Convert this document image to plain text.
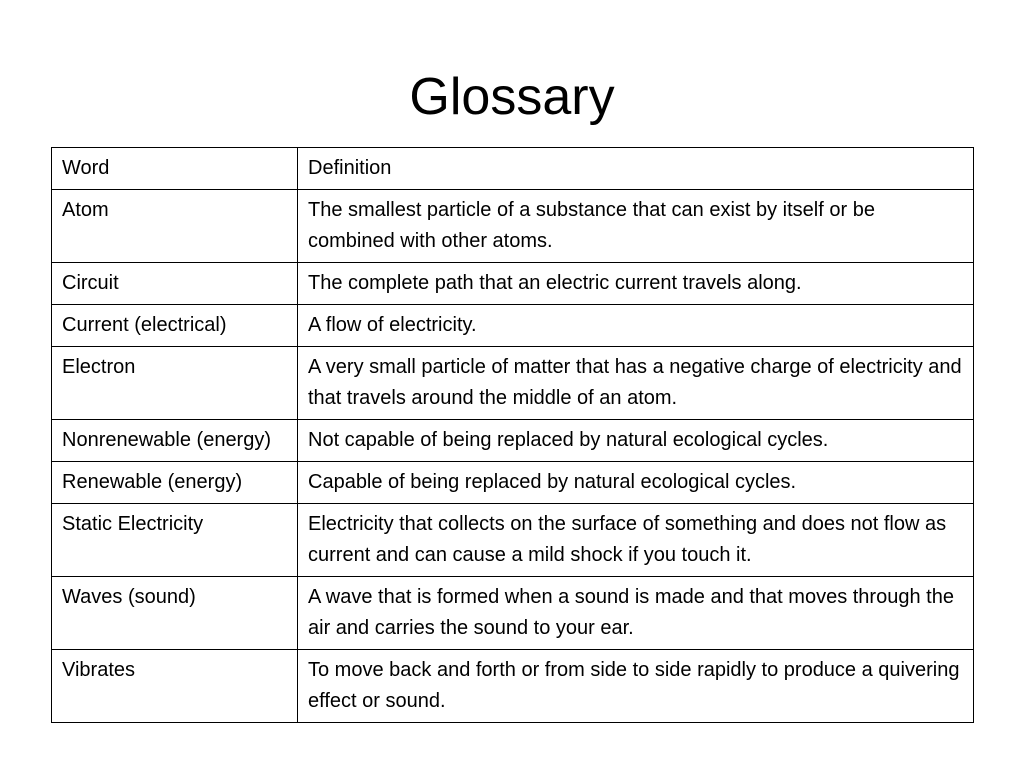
Glossary
Word	Definition
Atom	The smallest particle of a substance that can exist by itself or be combined with other atoms.
Circuit	The complete path that an electric current travels along.
Current (electrical)	A flow of electricity.
Electron	A very small particle of matter that has a negative charge of electricity and that travels around the middle of an atom.
Nonrenewable (energy)	Not capable of being replaced by natural ecological cycles.
Renewable (energy)	Capable of being replaced by natural ecological cycles.
Static Electricity	Electricity that collects on the surface of something and does not flow as current and can cause a mild shock if you touch it.
Waves (sound)	A wave that is formed when a sound is made and that moves through the air and carries the sound to your ear.
Vibrates	To move back and forth or from side to side rapidly to produce a quivering effect or sound.
